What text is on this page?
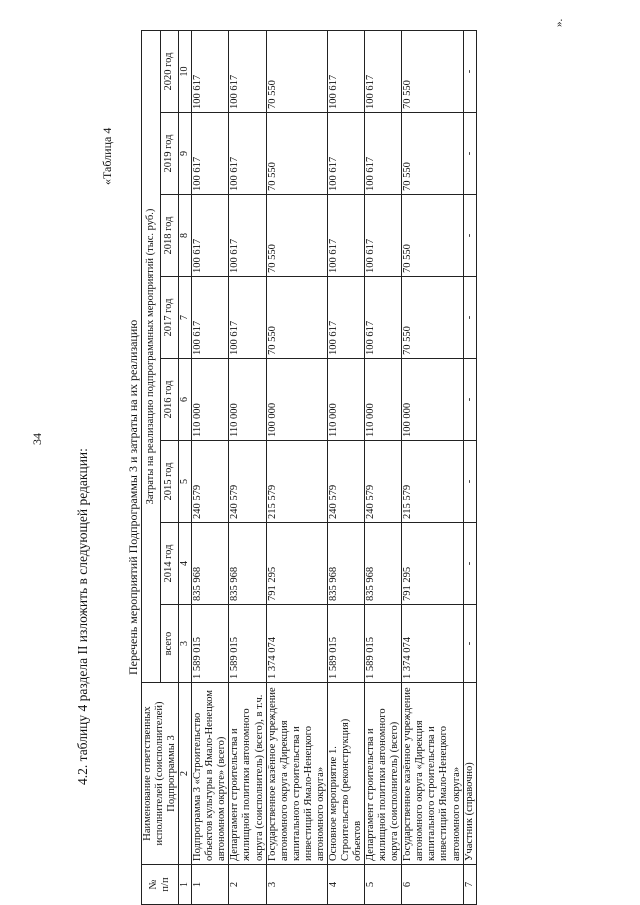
34
4.2. таблицу 4 раздела II изложить в следующей редакции:
«Таблица 4
Перечень мероприятий Подпрограммы 3 и затраты на их реализацию
».
№
п/п	Наименование ответственных исполнителей (соисполнителей) Подпрограммы 3	Затраты на реализацию подпрограммных мероприятий (тыс. руб.)							
		всего	2014 год	2015 год	2016 год	2017 год	2018 год	2019 год	2020 год
1	2	3	4	5	6	7	8	9	10
1	Подпрограмма 3 «Строительство объектов культуры в Ямало-Ненецком автономном округе» (всего)	1 589 015	835 968	240 579	110 000	100 617	100 617	100 617	100 617
2	Департамент строительства и жилищной политики автономного округа (соисполнитель) (всего), в т.ч.	1 589 015	835 968	240 579	110 000	100 617	100 617	100 617	100 617
3	Государственное казённое учреждение автономного округа «Дирекция капитального строительства и инвестиций Ямало-Ненецкого автономного округа»	1 374 074	791 295	215 579	100 000	70 550	70 550	70 550	70 550
4	Основное мероприятие 1. Строительство (реконструкция) объектов	1 589 015	835 968	240 579	110 000	100 617	100 617	100 617	100 617
5	Департамент строительства и жилищной политики автономного округа (соисполнитель) (всего)	1 589 015	835 968	240 579	110 000	100 617	100 617	100 617	100 617
6	Государственное казённое учреждение автономного округа «Дирекция капитального строительства и инвестиций Ямало-Ненецкого автономного округа»	1 374 074	791 295	215 579	100 000	70 550	70 550	70 550	70 550
7	Участник (справочно)	-	-	-	-	-	-	-	-
